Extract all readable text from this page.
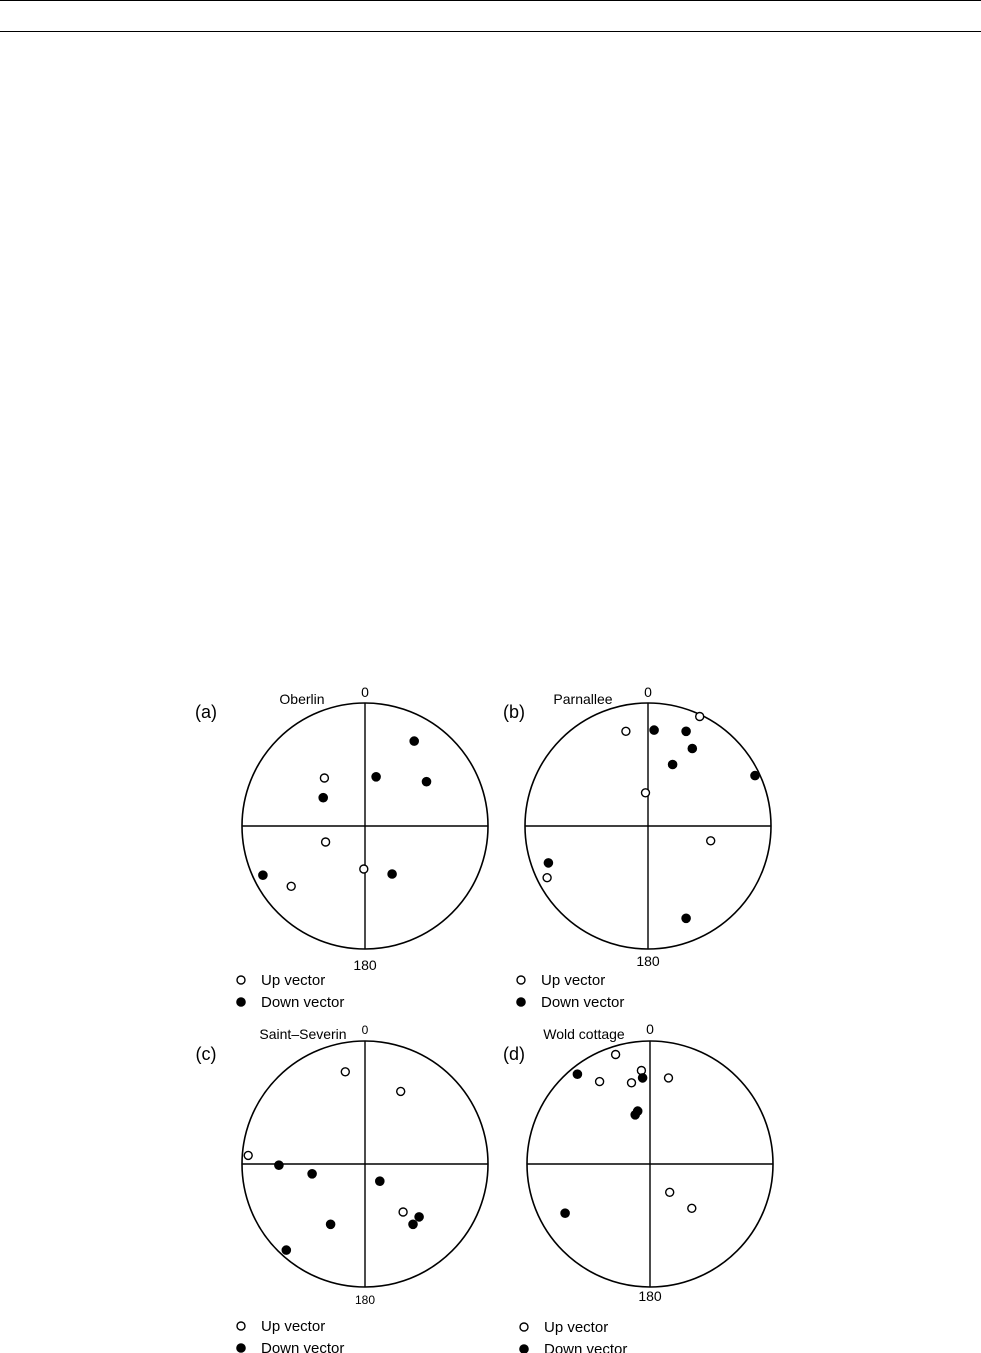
(a)
Oberlin	0
180
Up vector
Down vector
(b)
Parnallee 0
180
Up vector
Down vector
(c)
Saint–Severin 0
180
Up vector
Down vector
(d)
Wold cottage 0
180
Up vector
Down vector
